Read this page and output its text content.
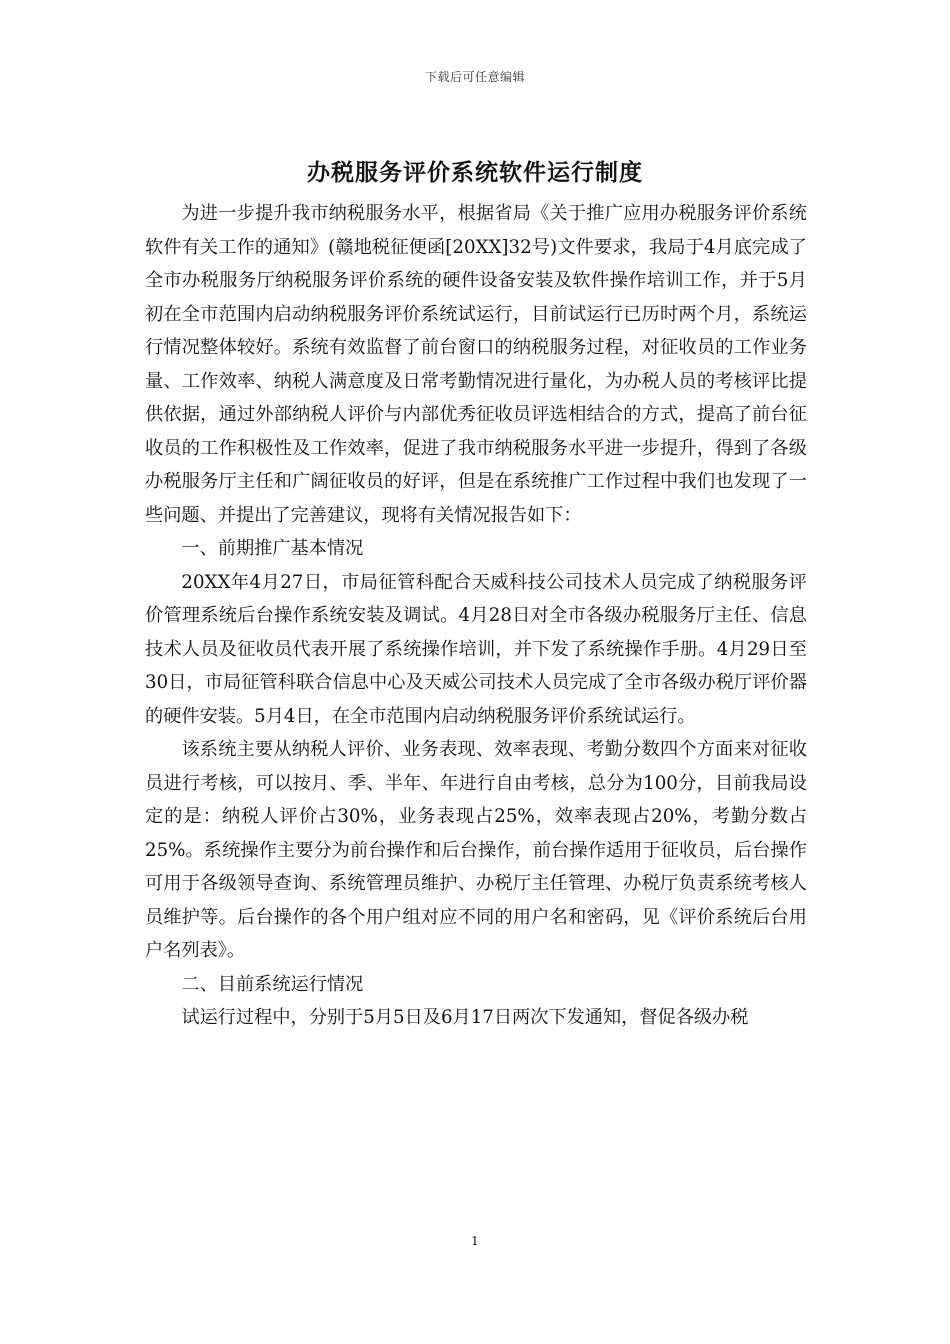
下载后可任意编辑
办税服务评价系统软件运行制度

为进一步提升我市纳税服务水平，根据省局《关于推广应用办税服务评价系统软件有关工作的通知》(赣地税征便函[20XX]32号)文件要求，我局于4月底完成了全市办税服务厅纳税服务评价系统的硬件设备安装及软件操作培训工作，并于5月初在全市范围内启动纳税服务评价系统试运行，目前试运行已历时两个月，系统运行情况整体较好。系统有效监督了前台窗口的纳税服务过程，对征收员的工作业务量、工作效率、纳税人满意度及日常考勤情况进行量化，为办税人员的考核评比提供依据，通过外部纳税人评价与内部优秀征收员评选相结合的方式，提高了前台征收员的工作积极性及工作效率，促进了我市纳税服务水平进一步提升，得到了各级办税服务厅主任和广阔征收员的好评，但是在系统推广工作过程中我们也发现了一些问题、并提出了完善建议，现将有关情况报告如下：

一、前期推广基本情况

20XX年4月27日，市局征管科配合天威科技公司技术人员完成了纳税服务评价管理系统后台操作系统安装及调试。4月28日对全市各级办税服务厅主任、信息技术人员及征收员代表开展了系统操作培训，并下发了系统操作手册。4月29日至30日，市局征管科联合信息中心及天威公司技术人员完成了全市各级办税厅评价器的硬件安装。5月4日，在全市范围内启动纳税服务评价系统试运行。

该系统主要从纳税人评价、业务表现、效率表现、考勤分数四个方面来对征收员进行考核，可以按月、季、半年、年进行自由考核，总分为100分，目前我局设定的是：纳税人评价占30%，业务表现占25%，效率表现占20%，考勤分数占25%。系统操作主要分为前台操作和后台操作，前台操作适用于征收员，后台操作可用于各级领导查询、系统管理员维护、办税厅主任管理、办税厅负责系统考核人员维护等。后台操作的各个用户组对应不同的用户名和密码，见《评价系统后台用户名列表》。

二、目前系统运行情况

试运行过程中，分别于5月5日及6月17日两次下发通知，督促各级办税

1
